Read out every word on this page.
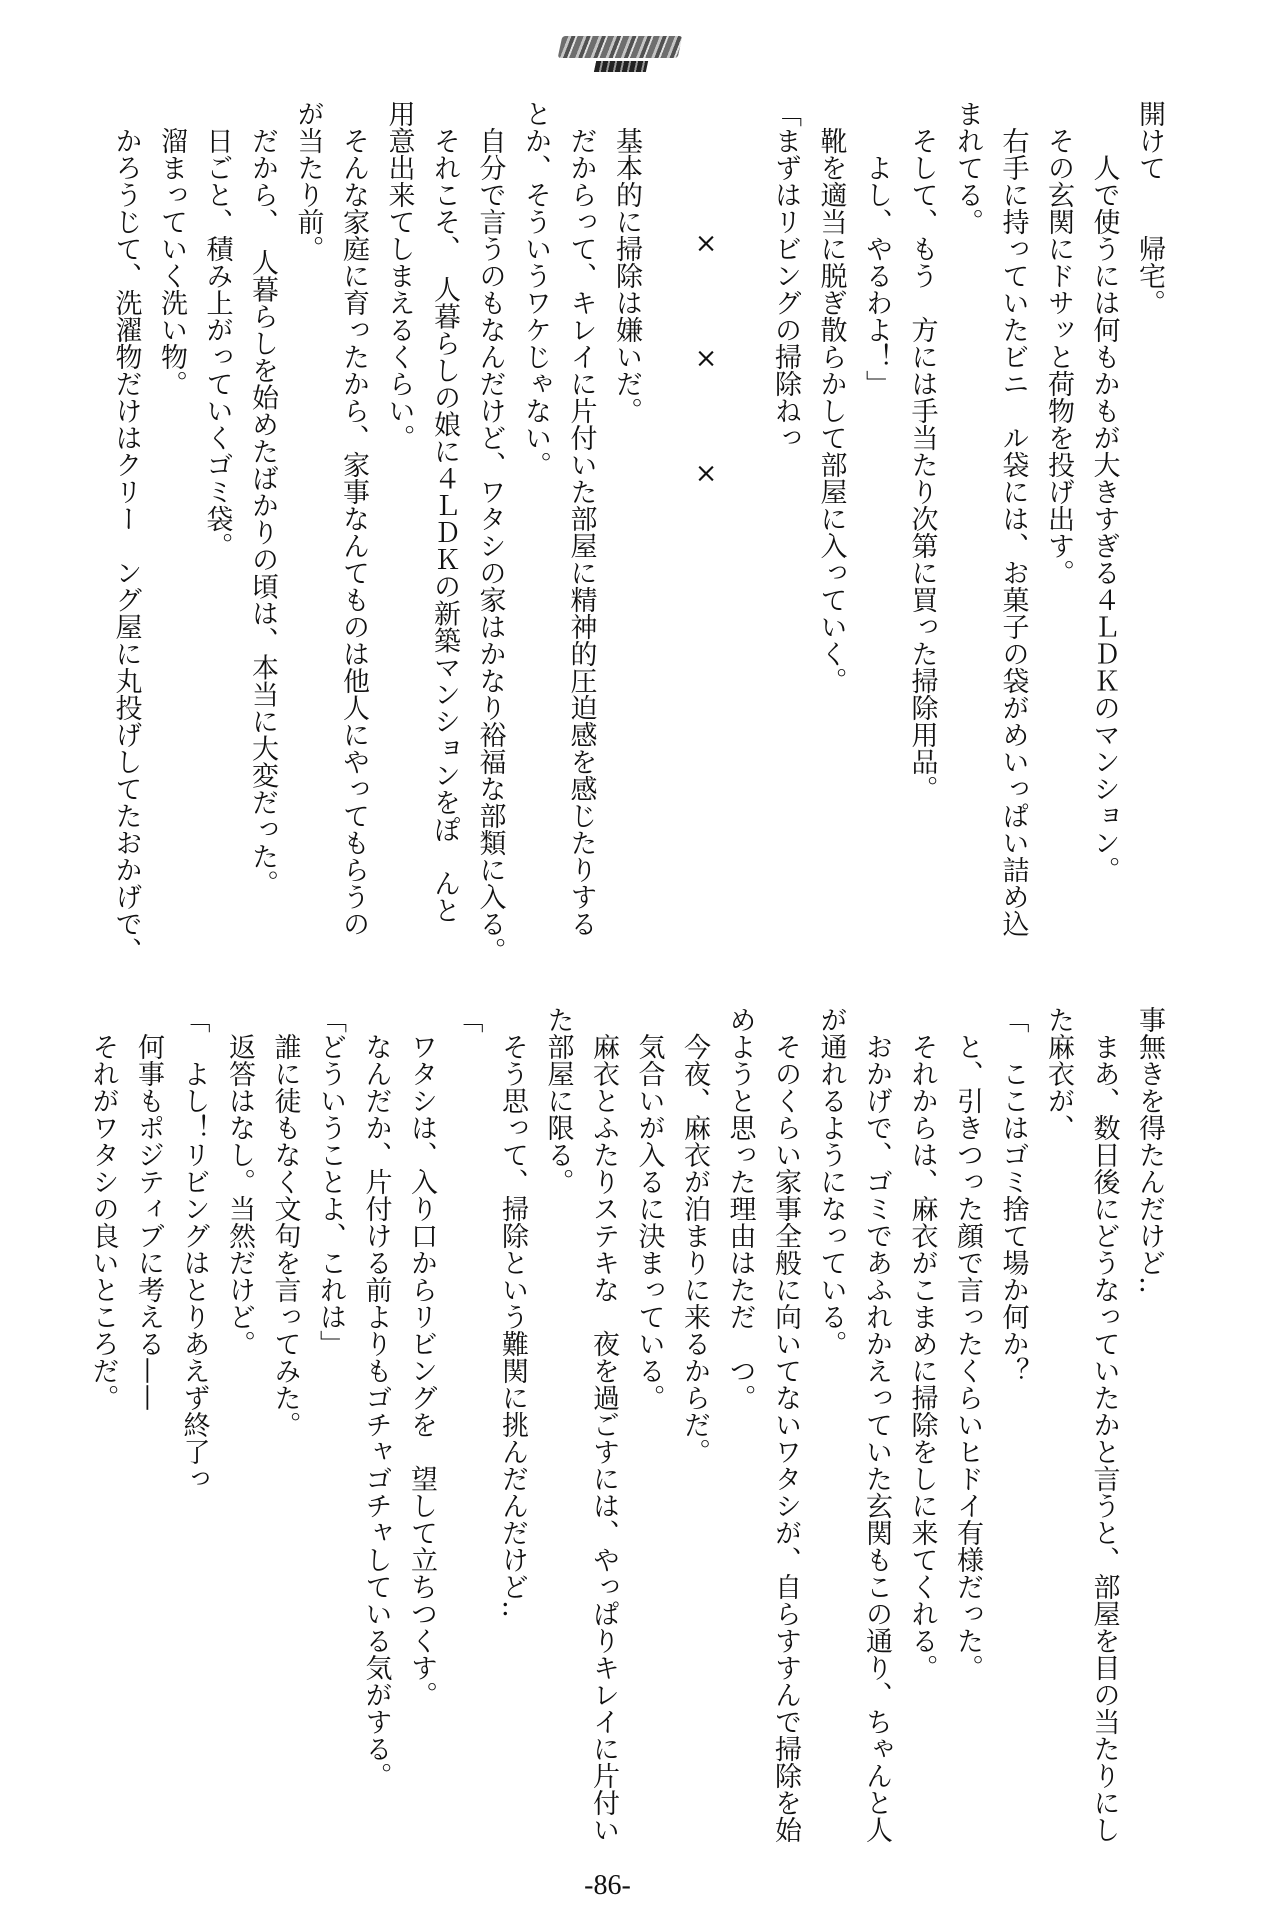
開けて　　帰宅。
　　人で使うには何もかもが大きすぎる４ＬＤＫのマンション。
　その玄関にドサッと荷物を投げ出す。
　右手に持っていたビニ　ル袋には、お菓子の袋がめいっぱい詰め込
まれてる。
　そして、もう　方には手当たり次第に買った掃除用品。
　　よし、やるわよ！」
　靴を適当に脱ぎ散らかして部屋に入っていく。
「まずはリビングの掃除ねっ
×××
　基本的に掃除は嫌いだ。
　だからって、キレイに片付いた部屋に精神的圧迫感を感じたりする
とか、そういうワケじゃない。
　自分で言うのもなんだけど、ワタシの家はかなり裕福な部類に入る。
　それこそ、　人暮らしの娘に４ＬＤＫの新築マンションをぽ　んと
用意出来てしまえるくらい。
　そんな家庭に育ったから、家事なんてものは他人にやってもらうの
が当たり前。
　だから、　人暮らしを始めたばかりの頃は、本当に大変だった。
　日ごと、積み上がっていくゴミ袋。
　溜まっていく洗い物。
　かろうじて、洗濯物だけはクリー　ング屋に丸投げしてたおかげで、
事無きを得たんだけど‥
　まあ、数日後にどうなっていたかと言うと、部屋を目の当たりにし
た麻衣が、
「　ここはゴミ捨て場か何か？
　と、引きつった顔で言ったくらいヒドイ有様だった。
　それからは、麻衣がこまめに掃除をしに来てくれる。
　おかげで、ゴミであふれかえっていた玄関もこの通り、ちゃんと人
が通れるようになっている。
　そのくらい家事全般に向いてないワタシが、自らすすんで掃除を始
めようと思った理由はただ　つ。
　今夜、麻衣が泊まりに来るからだ。
　気合いが入るに決まっている。
　麻衣とふたりステキな　夜を過ごすには、やっぱりキレイに片付い
た部屋に限る。
　そう思って、掃除という難関に挑んだんだけど‥
「
　ワタシは、入り口からリビングを　望して立ちつくす。
　なんだか、片付ける前よりもゴチャゴチャしている気がする。
「どういうことよ、これは」
　誰に徒もなく文句を言ってみた。
　返答はなし。当然だけど。
「　よし！リビングはとりあえず終了っ
　何事もポジティブに考える——
　それがワタシの良いところだ。
-86-
